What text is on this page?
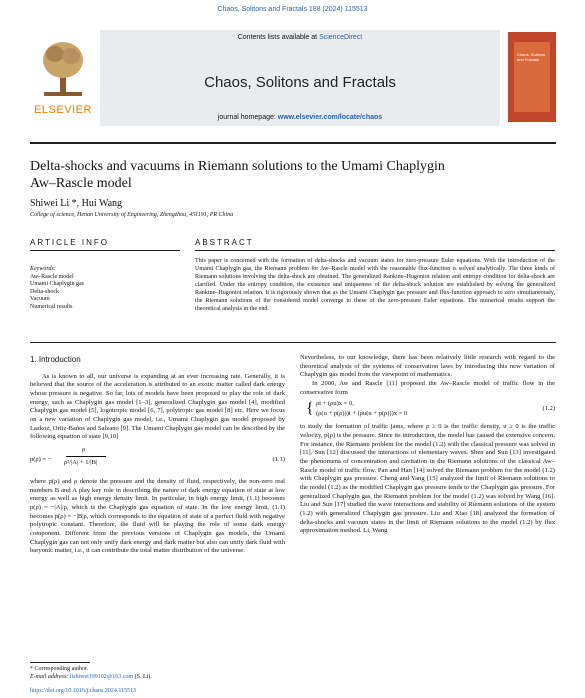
Chaos, Solitons and Fractals 188 (2024) 115513
ELSEVIER
Contents lists available at ScienceDirect
Chaos, Solitons and Fractals
journal homepage: www.elsevier.com/locate/chaos
Chaos, Solitons and Fractals
Delta-shocks and vacuums in Riemann solutions to the Umami Chaplygin
Aw–Rascle model
Shiwei Li *, Hui Wang
College of science, Henan University of Engineering, Zhengzhou, 451191, PR China
ARTICLE INFO	ABSTRACT
Keywords:
Aw–Rascle model
Umami Chaplygin gas
Delta-shock
Vacuum
Numerical results
This paper is concerned with the formation of delta-shocks and vacuum states for zero-pressure Euler equations. With the introduction of the Umami Chaplygin gas, the Riemann problem for Aw–Rascle model with the reasonable flux-function is solved analytically. The three kinds of Riemann solutions involving the delta-shock are obtained. The generalized Rankine–Hugoniot relation and entropy condition for delta-shock are clarified. Under the entropy condition, the existence and uniqueness of the delta-shock solution are established by solving the generalized Rankine–Hugoniot relation. It is rigorously shown that as the Umami Chaplygin gas pressure and flux-function approach to zero simultaneously, the Riemann solutions of the considered model converge to these of the zero-pressure Euler equations. The numerical results support the theoretical analysis in the end.
1. Introduction

As is known to all, our universe is expanding at an ever increasing rate. Generally, it is believed that the source of the acceleration is attributed to an exotic matter called dark energy whose pressure is negative. So far, lots of models have been proposed to play the role of dark energy, such as Chaplygin gas model [1–3], generalized Chaplygin gas model [4], modified Chaplygin gas model [5], logotropic model [6, 7], polytropic gas model [8] etc. Here we focus on a new variation of Chaplygin gas model, i.e., Umami Chaplygin gas model proposed by Lazkoz, Ortiz-Baños and Salzano [9]. The Umami Chaplygin gas model can be described by the following equation of state [9,10]

p(ρ) = −
ρ
ρ²/|A| + 1/|B|	(1.1)

where p(ρ) and ρ denote the pressure and the density of fluid, respectively, the non-zero real numbers B and A play key role in describing the nature of dark energy equation of state at low energy as well as high energy density limit. In particular, in high energy limit, (1.1) becomes p(ρ) = −|A|/ρ, which is the Chaplygin gas equation of state. In the low energy limit, (1.1) becomes p(ρ) = −|B|ρ, which corresponds to the equation of state of a perfect fluid with negative polytropic constant. Therefore, the fluid will be playing the role of some dark energy component. Different from the previous versions of Chaplygin gas models, the Umami Chaplygin gas can not only unify dark energy and dark matter but also can unify dark fluid with baryonic matter, i.e., it can contribute the total matter distribution of the universe.

Nevertheless, to our knowledge, there has been relatively little research with regard to the theoretical analysis of the systems of conservation laws by introducing this new variation of Chaplygin gas model from the viewpoint of mathematics.

In 2000, Aw and Rascle [11] proposed the Aw–Rascle model of traffic flow in the conservative form

{ ρt + (ρu)x = 0,
(ρ(u + p(ρ)))t + (ρu(u + p(ρ)))x = 0
(1.2)

to study the formation of traffic jams, where ρ ≥ 0 is the traffic density, u ≥ 0 is the traffic velocity, p(ρ) is the pressure. Since its introduction, the model has caused the extensive concern. For instance, the Riemann problem for the model (1.2) with the classical pressure was solved in [11]. Sun [12] discussed the interactions of elementary waves. Shen and Sun [13] investigated the phenomena of concentration and cavitation in the Riemann solutions of the classical Aw–Rascle model of traffic flow. Pan and Han [14] solved the Riemann problem for the model (1.2) with Chaplygin gas pressure. Cheng and Yang [15] analyzed the limit of Riemann solutions to the model (1.2) as the modified Chaplygin gas pressure tends to the Chaplygin gas pressure. For generalized Chaplygin gas, the Riemann problem for the model (1.2) was solved by Wang [16]. Liu and Sun [17] studied the wave interactions and stability of Riemann solutions of the system (1.2) with generalized Chaplygin gas pressure. Liu and Xiao [18] analyzed the formation of delta-shocks and vacuum states in the limit of Riemann solutions to the model (1.2) by flux approximation method. Li, Wang

* Corresponding author.
E-mail address: lishiwei199102@163.com (S. Li).
https://doi.org/10.1016/j.chaos.2024.115513
